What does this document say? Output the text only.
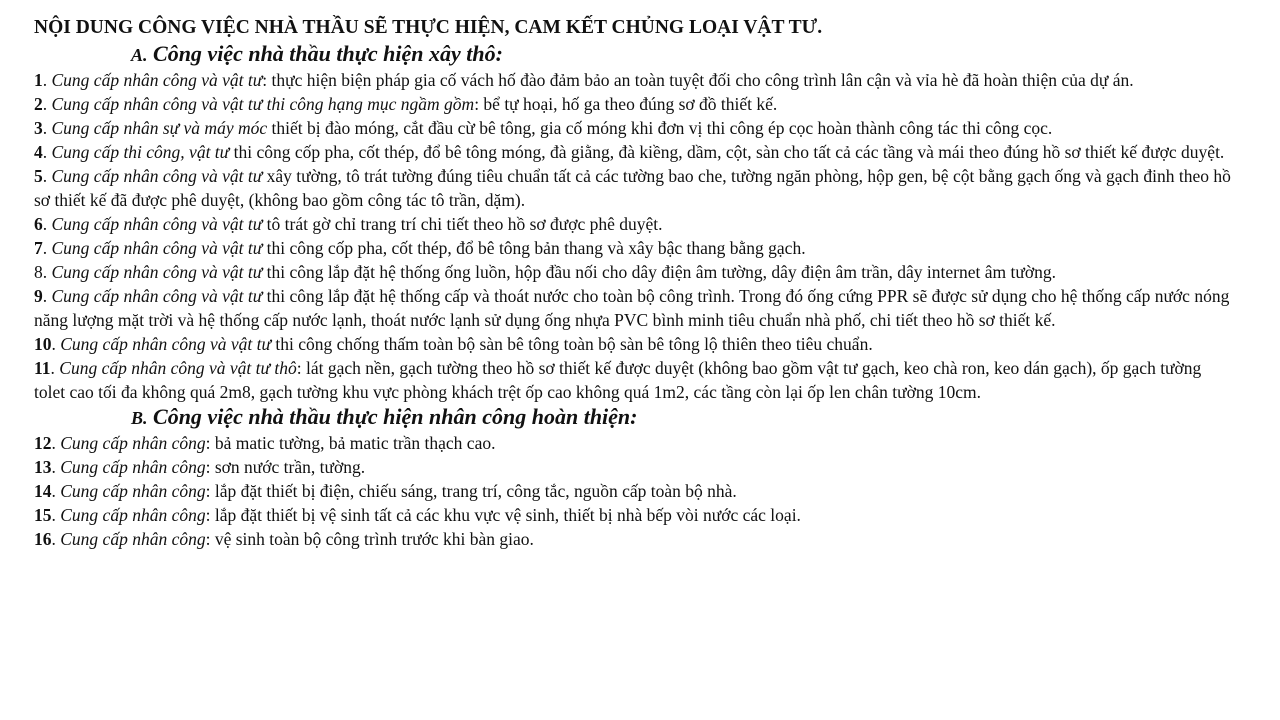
NỘI DUNG CÔNG VIỆC NHÀ THẦU SẼ THỰC HIỆN, CAM KẾT CHỦNG LOẠI VẬT TƯ.

A. Công việc nhà thầu thực hiện xây thô:

1. Cung cấp nhân công và vật tư: thực hiện biện pháp gia cố vách hố đào đảm bảo an toàn tuyệt đối cho công trình lân cận và vỉa hè đã hoàn thiện của dự án.

2. Cung cấp nhân công và vật tư thi công hạng mục ngầm gồm: bể tự hoại, hố ga theo đúng sơ đồ thiết kế.

3. Cung cấp nhân sự và máy móc thiết bị đào móng, cắt đầu cừ bê tông, gia cố móng khi đơn vị thi công ép cọc hoàn thành công tác thi công cọc.

4. Cung cấp thi công, vật tư thi công cốp pha, cốt thép, đổ bê tông móng, đà giằng, đà kiềng, dầm, cột, sàn cho tất cả các tầng và mái theo đúng hồ sơ thiết kế được duyệt.

5. Cung cấp nhân công và vật tư xây tường, tô trát tường đúng tiêu chuẩn tất cả các tường bao che, tường ngăn phòng, hộp gen, bệ cột bằng gạch ống và gạch đinh theo hồ sơ thiết kế đã được phê duyệt, (không bao gồm công tác tô trần, dặm).

6. Cung cấp nhân công và vật tư tô trát gờ chỉ trang trí chi tiết theo hồ sơ được phê duyệt.

7. Cung cấp nhân công và vật tư thi công cốp pha, cốt thép, đổ bê tông bản thang và xây bậc thang bằng gạch.

8. Cung cấp nhân công và vật tư thi công lắp đặt hệ thống ống luồn, hộp đầu nối cho dây điện âm tường, dây điện âm trần, dây internet âm tường.

9. Cung cấp nhân công và vật tư thi công lắp đặt hệ thống cấp và thoát nước cho toàn bộ công trình. Trong đó ống cứng PPR sẽ được sử dụng cho hệ thống cấp nước nóng năng lượng mặt trời và hệ thống cấp nước lạnh, thoát nước lạnh sử dụng ống nhựa PVC bình minh tiêu chuẩn nhà phố, chi tiết theo hồ sơ thiết kế.

10. Cung cấp nhân công và vật tư thi công chống thấm toàn bộ sàn bê tông toàn bộ sàn bê tông lộ thiên theo tiêu chuẩn.

11. Cung cấp nhân công và vật tư thô: lát gạch nền, gạch tường theo hồ sơ thiết kế được duyệt (không bao gồm vật tư gạch, keo chà ron, keo dán gạch), ốp gạch tường tolet cao tối đa không quá 2m8, gạch tường khu vực phòng khách trệt ốp cao không quá 1m2, các tầng còn lại ốp len chân tường 10cm.

B. Công việc nhà thầu thực hiện nhân công hoàn thiện:

12. Cung cấp nhân công: bả matic tường, bả matic trần thạch cao.

13. Cung cấp nhân công: sơn nước trần, tường.

14. Cung cấp nhân công: lắp đặt thiết bị điện, chiếu sáng, trang trí, công tắc, nguồn cấp toàn bộ nhà.

15. Cung cấp nhân công: lắp đặt thiết bị vệ sinh tất cả các khu vực vệ sinh, thiết bị nhà bếp vòi nước các loại.

16. Cung cấp nhân công: vệ sinh toàn bộ công trình trước khi bàn giao.
